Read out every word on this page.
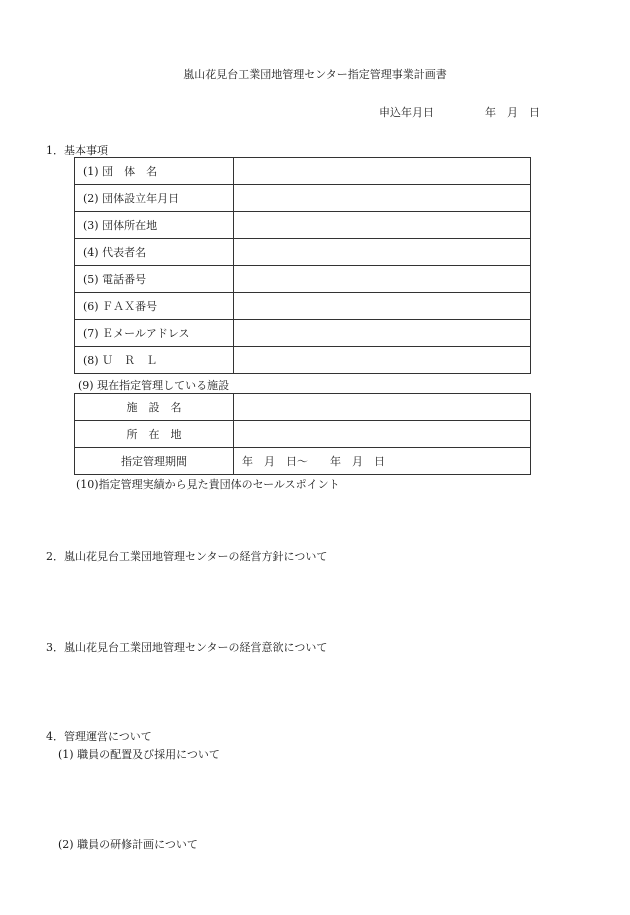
嵐山花見台工業団地管理センター指定管理事業計画書
申込年月日	年　月　日
1．基本事項
(1) 団　体　名	
(2) 団体設立年月日	
(3) 団体所在地	
(4) 代表者名	
(5) 電話番号	
(6) ＦＡＸ番号	
(7) Ｅメールアドレス	
(8) Ｕ　Ｒ　Ｌ	
(9) 現在指定管理している施設
施　設　名	
所　在　地	
指定管理期間	年　月　日〜　　年　月　日
(10)指定管理実績から見た貴団体のセールスポイント
2．嵐山花見台工業団地管理センターの経営方針について
3．嵐山花見台工業団地管理センターの経営意欲について
4．管理運営について
(1) 職員の配置及び採用について
(2) 職員の研修計画について
